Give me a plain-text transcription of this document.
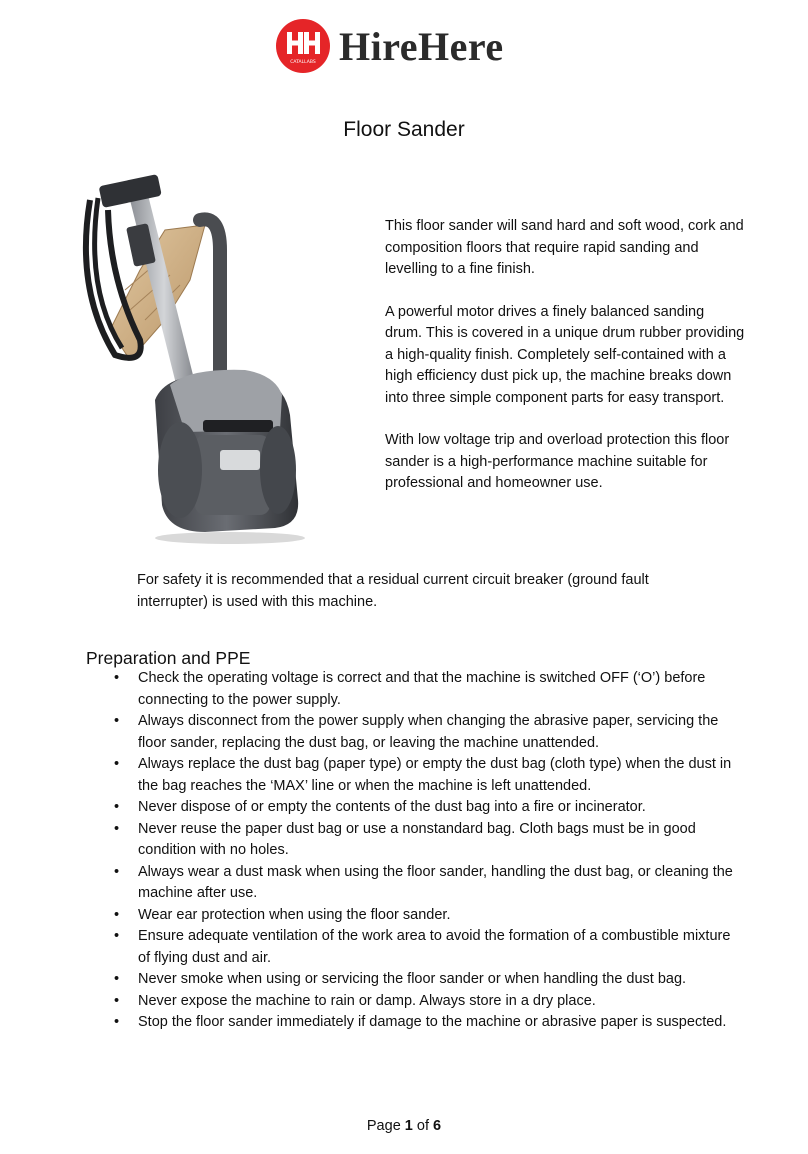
CATALLABS HireHere
Floor Sander

This floor sander will sand hard and soft wood, cork and composition floors that require rapid sanding and levelling to a fine finish.

A powerful motor drives a finely balanced sanding drum. This is covered in a unique drum rubber providing a high-quality finish. Completely self-contained with a high efficiency dust pick up, the machine breaks down into three simple component parts for easy transport.

With low voltage trip and overload protection this floor sander is a high-performance machine suitable for professional and homeowner use.

For safety it is recommended that a residual current circuit breaker (ground fault interrupter) is used with this machine.

Preparation and PPE
• Check the operating voltage is correct and that the machine is switched OFF (‘O’) before connecting to the power supply.
• Always disconnect from the power supply when changing the abrasive paper, servicing the floor sander, replacing the dust bag, or leaving the machine unattended.
• Always replace the dust bag (paper type) or empty the dust bag (cloth type) when the dust in the bag reaches the ‘MAX’ line or when the machine is left unattended.
• Never dispose of or empty the contents of the dust bag into a fire or incinerator.
• Never reuse the paper dust bag or use a nonstandard bag. Cloth bags must be in good condition with no holes.
• Always wear a dust mask when using the floor sander, handling the dust bag, or cleaning the machine after use.
• Wear ear protection when using the floor sander.
• Ensure adequate ventilation of the work area to avoid the formation of a combustible mixture of flying dust and air.
• Never smoke when using or servicing the floor sander or when handling the dust bag.
• Never expose the machine to rain or damp. Always store in a dry place.
• Stop the floor sander immediately if damage to the machine or abrasive paper is suspected.
Page 1 of 6
